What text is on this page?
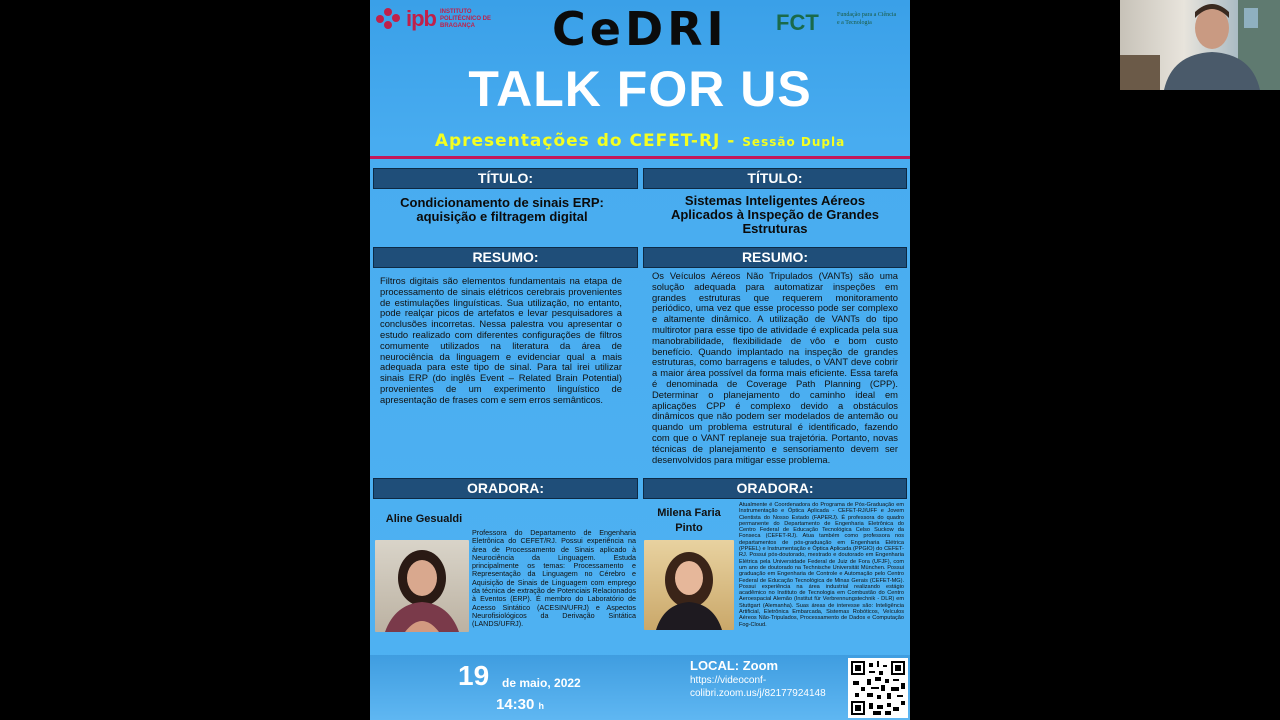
ipb INSTITUTO POLITÉCNICO DE BRAGANÇA	CeDRI FCT	Fundação para a Ciência e a Tecnologia
TALK FOR US
Apresentações do CEFET-RJ - Sessão Dupla
TÍTULO:	TÍTULO:
Condicionamento de sinais ERP: aquisição e filtragem digital
Sistemas Inteligentes Aéreos Aplicados à Inspeção de Grandes Estruturas
RESUMO:	RESUMO:
Filtros digitais são elementos fundamentais na etapa de processamento de sinais elétricos cerebrais provenientes de estimulações linguísticas. Sua utilização, no entanto, pode realçar picos de artefatos e levar pesquisadores a conclusões incorretas. Nessa palestra vou apresentar o estudo realizado com diferentes configurações de filtros comumente utilizados na literatura da área de neurociência da linguagem e evidenciar qual a mais adequada para este tipo de sinal. Para tal irei utilizar sinais ERP (do inglês Event – Related Brain Potential) provenientes de um experimento linguístico de apresentação de frases com e sem erros semânticos.
Os Veículos Aéreos Não Tripulados (VANTs) são uma solução adequada para automatizar inspeções em grandes estruturas que requerem monitoramento periódico, uma vez que esse processo pode ser complexo e altamente dinâmico. A utilização de VANTs do tipo multirotor para esse tipo de atividade é explicada pela sua manobrabilidade, flexibilidade de vôo e bom custo benefício. Quando implantado na inspeção de grandes estruturas, como barragens e taludes, o VANT deve cobrir a maior área possível da forma mais eficiente. Essa tarefa é denominada de Coverage Path Planning (CPP). Determinar o planejamento do caminho ideal em aplicações CPP é complexo devido a obstáculos dinâmicos que não podem ser modelados de antemão ou quando um problema estrutural é identificado, fazendo com que o VANT replaneje sua trajetória. Portanto, novas técnicas de planejamento e sensoriamento devem ser desenvolvidos para mitigar esse problema.
ORADORA:	ORADORA:
Aline Gesualdi
Professora do Departamento de Engenharia Eletrônica do CEFET/RJ. Possui experiência na área de Processamento de Sinais aplicado à Neurociência da Linguagem. Estuda principalmente os temas: Processamento e Representação da Linguagem no Cérebro e Aquisição de Sinais de Linguagem com emprego da técnica de extração de Potenciais Relacionados à Eventos (ERP). É membro do Laboratório de Acesso Sintático (ACESIN/UFRJ) e Aspectos Neurofisiológicos da Derivação Sintática (LANDS/UFRJ).
Milena Faria Pinto
Atualmente é Coordenadora do Programa de Pós-Graduação em Instrumentação e Óptica Aplicada - CEFET-RJ/UFF e Jovem Cientista do Nosso Estado (FAPERJ). É professora do quadro permanente do Departamento de Engenharia Eletrônica do Centro Federal de Educação Tecnológica Celso Suckow da Fonseca (CEFET-RJ). Atua também como professora nos departamentos de pós-graduação em Engenharia Elétrica (PPEEL) e Instrumentação e Óptica Aplicada (PPGIO) do CEFET-RJ. Possui pós-doutorado, mestrado e doutorado em Engenharia Elétrica pela Universidade Federal de Juiz de Fora (UFJF), com um ano de doutorado na Technische Universität München. Possui graduação em Engenharia de Controle e Automação pelo Centro Federal de Educação Tecnológica de Minas Gerais (CEFET-MG). Possui experiência na área industrial realizando estágio acadêmico no Instituto de Tecnologia em Combustão do Centro Aeroespacial Alemão (Institut für Verbrennungstechnik - DLR) em Stuttgart (Alemanha). Suas áreas de interesse são: Inteligência Artificial, Eletrônica Embarcada, Sistemas Robóticos, Veículos Aéreos Não-Tripulados, Processamento de Dados e Computação Fog-Cloud.
19 de maio, 2022
14:30 h
LOCAL: Zoom
https://videoconf-colibri.zoom.us/j/82177924148
